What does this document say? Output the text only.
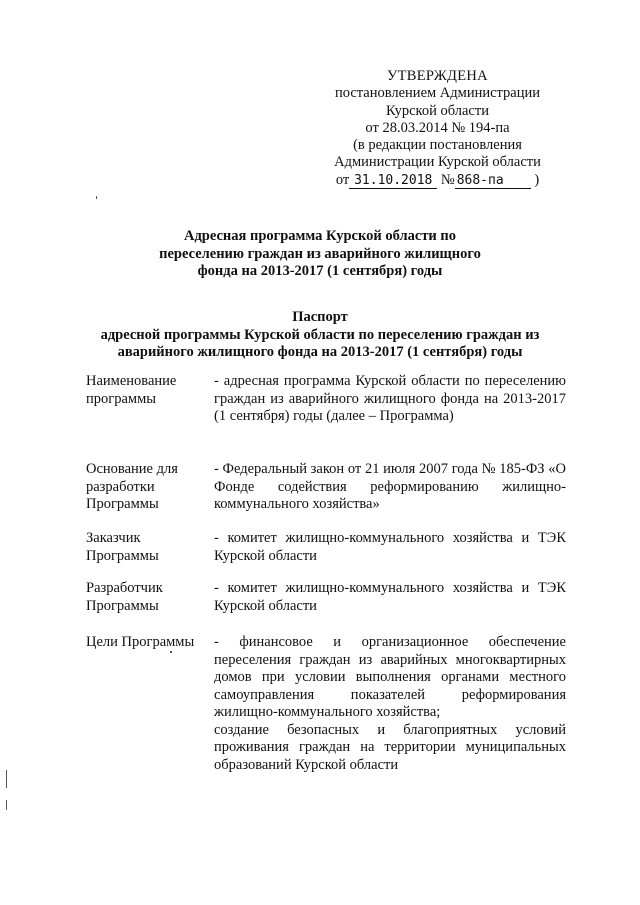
УТВЕРЖДЕНА
постановлением Администрации
Курской области
от 28.03.2014 № 194-па
(в редакции постановления
Администрации Курской области
от 31.10.2018 № 868-па )
Адресная программа Курской области по
переселению граждан из аварийного жилищного
фонда на 2013-2017 (1 сентября) годы
Паспорт
адресной программы Курской области по переселению граждан из
аварийного жилищного фонда на 2013-2017 (1 сентября) годы
Наименование программы
- адресная программа Курской области по переселению граждан из аварийного жилищного фонда на 2013-2017 (1 сентября) годы (далее – Программа)
Основание для разработки Программы
- Федеральный закон от 21 июля 2007 года № 185-ФЗ «О Фонде содействия реформированию жилищно-коммунального хозяйства»
Заказчик Программы
- комитет жилищно-коммунального хозяйства и ТЭК Курской области
Разработчик Программы
- комитет жилищно-коммунального хозяйства и ТЭК Курской области
Цели Программы	- финансовое и организационное обеспечение переселения граждан из аварийных многоквартирных домов при условии выполнения органами местного самоуправления показателей реформирования жилищно-коммунального хозяйства;
создание безопасных и благоприятных условий проживания граждан на территории муниципальных образований Курской области
